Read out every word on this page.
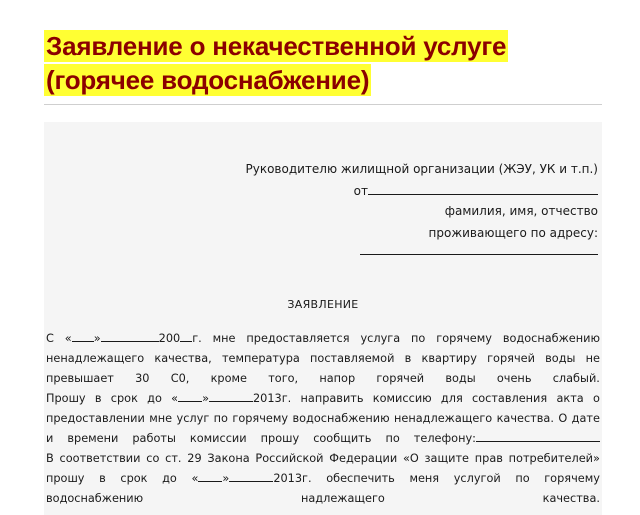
Заявление о некачественной услуге
(горячее водоснабжение)
Руководителю жилищной организации (ЖЭУ, УК и т.п.)
от
фамилия, имя, отчество
проживающего по адресу:
ЗАЯВЛЕНИЕ
С « »	200 г. мне предоставляется услуга по горячему водоснабжению
ненадлежащего качества, температура поставляемой в квартиру горячей воды не
превышает 30 С0, кроме того, напор горячей воды очень слабый.
Прошу в срок до « »	2013г. направить комиссию для составления акта о
предоставлении мне услуг по горячему водоснабжению ненадлежащего качества. О дате
и времени работы комиссии прошу сообщить по телефону:
В соответствии со ст. 29 Закона Российской Федерации «О защите прав потребителей»
прошу в срок до « »	2013г. обеспечить меня услугой по горячему
водоснабжению	надлежащего	качества.
